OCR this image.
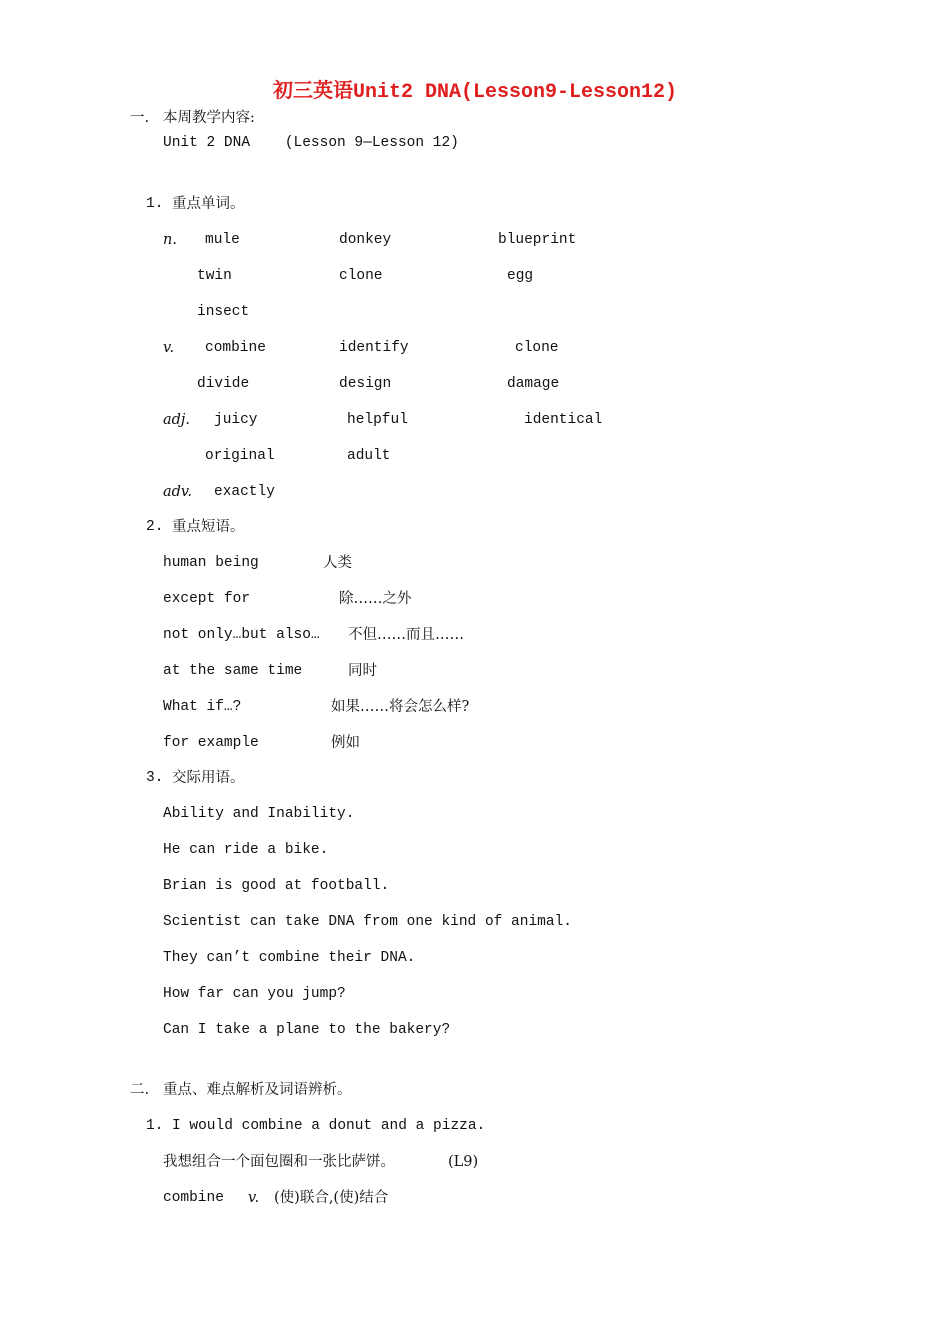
初三英语Unit2 DNA(Lesson9-Lesson12)
一. 本周教学内容:
Unit 2 DNA    (Lesson 9—Lesson 12)
1. 重点单词。
n. mule	donkey	blueprint
twin	clone	egg
insect
v. combine	identify	clone
divide	design	damage
adj. juicy	helpful	identical
original	adult
adv. exactly
2. 重点短语。
human being	人类
except for	除……之外
not only…but also… 不但……而且……
at the same time	同时
What if…?	如果……将会怎么样?
for example	例如
3. 交际用语。
Ability and Inability.
He can ride a bike.
Brian is good at football.
Scientist can take DNA from one kind of animal.
They can’t combine their DNA.
How far can you jump?
Can I take a plane to the bakery?
二. 重点、难点解析及词语辨析。
1. I would combine a donut and a pizza.
我想组合一个面包圈和一张比萨饼。	(L9)
combine v. (使)联合,(使)结合
